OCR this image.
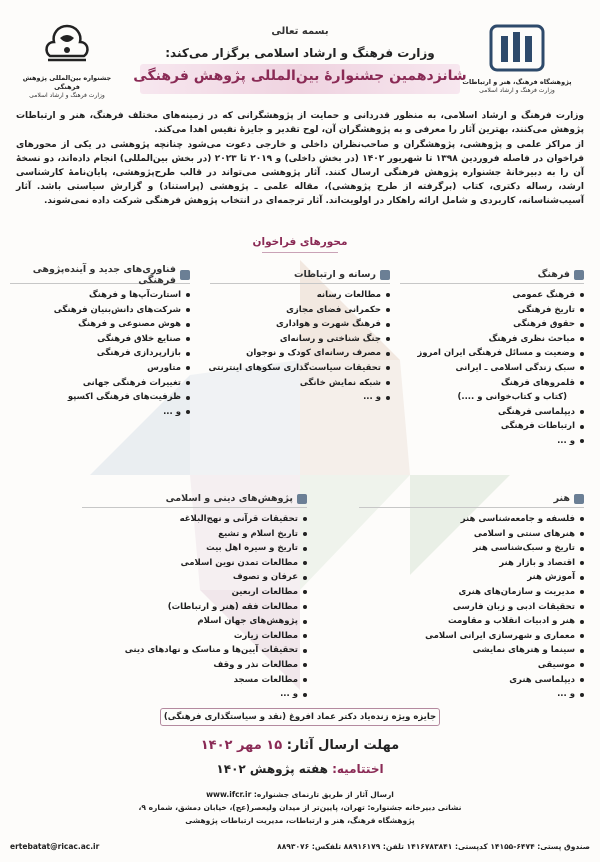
پژوهشگاه فرهنگ، هنر و ارتباطات
وزارت فرهنگ و ارشاد اسلامی
بسمه تعالی
وزارت فرهنگ و ارشاد اسلامی برگزار می‌کند:
شانزدهمین جشنوارهٔ بین‌المللی پژوهش فرهنگی
جشنواره بین‌المللی پژوهش فرهنگی
وزارت فرهنگ و ارشاد اسلامی

وزارت فرهنگ و ارشاد اسلامی، به منظور قدردانی و حمایت از پژوهشگرانی که در زمینه‌های مختلف فرهنگ، هنر و ارتباطات پژوهش می‌کنند، بهترین آثار را معرفی و به پژوهشگران آن، لوح تقدیر و جایزهٔ نفیس اهدا می‌کند.

از مراکز علمی و پژوهشی، پژوهشگران و صاحب‌نظران داخلی و خارجی دعوت می‌شود چنانچه پژوهشی در یکی از محورهای فراخوان در فاصله فروردین ۱۳۹۸ تا شهریور ۱۴۰۲ (در بخش داخلی) و ۲۰۱۹ تا ۲۰۲۳ (در بخش بین‌المللی) انجام داده‌اند، دو نسخهٔ آن را به دبیرخانهٔ جشنواره پژوهش فرهنگی ارسال کنند. آثار پژوهشی می‌تواند در قالب طرح‌پژوهشی، پایان‌نامهٔ کارشناسی ارشد، رساله دکتری، کتاب (برگرفته از طرح پژوهشی)، مقاله علمی ـ پژوهشی (پراستناد) و گزارش سیاستی باشد. آثار آسیب‌شناسانه، کاربردی و شامل ارائه راهکار در اولویت‌اند. آثار ترجمه‌ای در انتخاب پژوهش فرهنگی شرکت داده نمی‌شوند.

محورهای فراخوان
فرهنگ
فرهنگ عمومی
تاریخ فرهنگی
حقوق فرهنگی
مباحث نظری فرهنگ
وضعیت و مسائل فرهنگی ایران امروز
سبک زندگی اسلامی ـ ایرانی
قلمروهای فرهنگ
(کتاب و کتاب‌خوانی و ....)
دیپلماسی فرهنگی
ارتباطات فرهنگی
و ...
رسانه و ارتباطات
مطالعات رسانه
حکمرانی فضای مجازی
فرهنگ شهرت و هواداری
جنگ شناختی و رسانه‌ای
مصرف رسانه‌ای کودک و نوجوان
تحقیقات سیاست‌گذاری سکوهای اینترنتی
شبکه نمایش خانگی
و ...
فناوری‌های جدید و آینده‌پژوهی فرهنگی
استارت‌آپ‌ها و فرهنگ
شرکت‌های دانش‌بنیان فرهنگی
هوش مصنوعی و فرهنگ
صنایع خلاق فرهنگی
بازارپردازی فرهنگی
متاورس
تغییرات فرهنگی جهانی
ظرفیت‌های فرهنگی اکسپو
و ...
هنر
فلسفه و جامعه‌شناسی هنر
هنرهای سنتی و اسلامی
تاریخ و سبک‌شناسی هنر
اقتصاد و بازار هنر
آموزش هنر
مدیریت و سازمان‌های هنری
تحقیقات ادبی و زبان فارسی
هنر و ادبیات انقلاب و مقاومت
معماری و شهرسازی ایرانی اسلامی
سینما و هنرهای نمایشی
موسیقی
دیپلماسی هنری
و ...
پژوهش‌های دینی و اسلامی
تحقیقات قرآنی و نهج‌البلاغه
تاریخ اسلام و تشیع
تاریخ و سیره اهل بیت
مطالعات تمدن نوین اسلامی
عرفان و تصوف
مطالعات اربعین
مطالعات فقه (هنر و ارتباطات)
پژوهش‌های جهان اسلام
مطالعات زیارت
تحقیقات آیین‌ها و مناسک و نهادهای دینی
مطالعات نذر و وقف
مطالعات مسجد
و ...
جایزه ویژه زنده‌یاد دکتر عماد افروغ (نقد و سیاستگذاری فرهنگی)
مهلت ارسال آثار: ۱۵ مهر ۱۴۰۲
اختتامیه: هفته پژوهش ۱۴۰۲
ارسال آثار از طریق تارنمای جشنواره: www.ifcr.ir
نشانی دبیرخانه جشنواره: تهران، پایین‌تر از میدان ولیعصر(عج)، خیابان دمشق، شماره ۹،
پژوهشگاه فرهنگ، هنر و ارتباطات، مدیریت ارتباطات پژوهشی
صندوق پستی: ۶۴۷۴-۱۴۱۵۵ کدپستی: ۱۴۱۶۷۸۳۸۴۱ تلفن: ۸۸۹۱۶۱۷۹ تلفکس: ۸۸۹۳۰۷۶
ertebatat@ricac.ac.ir
